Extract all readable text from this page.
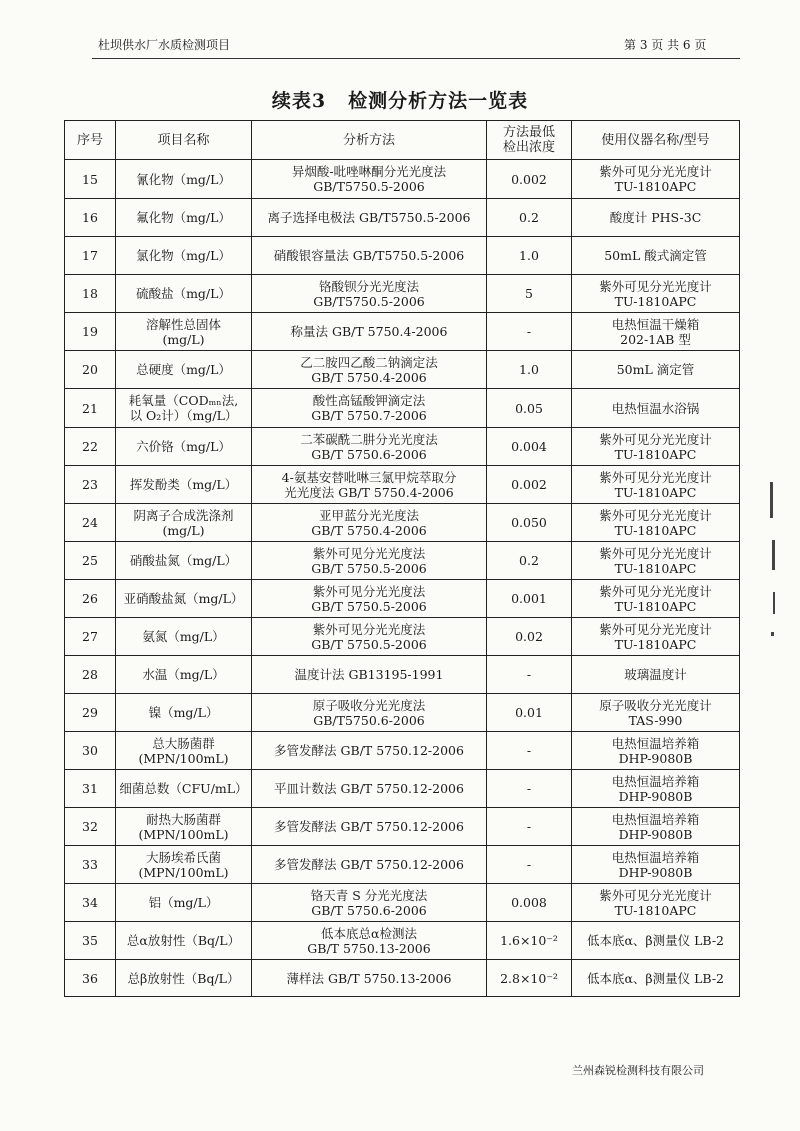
杜坝供水厂水质检测项目	第 3 页 共 6 页
续表3 检测分析方法一览表
序号	项目名称	分析方法	方法最低
检出浓度	使用仪器名称/型号
15	氰化物（mg/L）	异烟酸-吡唑啉酮分光光度法
GB/T5750.5-2006	0.002	紫外可见分光光度计
TU-1810APC

16	氟化物（mg/L）	离子选择电极法 GB/T5750.5-2006	0.2	酸度计 PHS-3C

17	氯化物（mg/L）	硝酸银容量法 GB/T5750.5-2006	1.0	50mL 酸式滴定管

18	硫酸盐（mg/L）	铬酸钡分光光度法
GB/T5750.5-2006	5	紫外可见分光光度计
TU-1810APC

19	溶解性总固体
(mg/L)	称量法 GB/T 5750.4-2006	-	电热恒温干燥箱
202-1AB 型

20	总硬度（mg/L）	乙二胺四乙酸二钠滴定法
GB/T 5750.4-2006	1.0	50mL 滴定管

21	耗氧量（CODₘₙ法,
以 O₂计）（mg/L）	酸性高锰酸钾滴定法
GB/T 5750.7-2006	0.05	电热恒温水浴锅

22	六价铬（mg/L）	二苯碳酰二肼分光光度法
GB/T 5750.6-2006	0.004	紫外可见分光光度计
TU-1810APC

23	挥发酚类（mg/L）	4-氨基安替吡啉三氯甲烷萃取分
光光度法 GB/T 5750.4-2006	0.002	紫外可见分光光度计
TU-1810APC

24	阴离子合成洗涤剂
(mg/L)	亚甲蓝分光光度法
GB/T 5750.4-2006	0.050	紫外可见分光光度计
TU-1810APC

25	硝酸盐氮（mg/L）	紫外可见分光光度法
GB/T 5750.5-2006	0.2	紫外可见分光光度计
TU-1810APC

26	亚硝酸盐氮（mg/L）	紫外可见分光光度法
GB/T 5750.5-2006	0.001	紫外可见分光光度计
TU-1810APC

27	氨氮（mg/L）	紫外可见分光光度法
GB/T 5750.5-2006	0.02	紫外可见分光光度计
TU-1810APC

28	水温（mg/L）	温度计法 GB13195-1991	-	玻璃温度计

29	镍（mg/L）	原子吸收分光光度法
GB/T5750.6-2006	0.01	原子吸收分光光度计
TAS-990

30	总大肠菌群
(MPN/100mL)	多管发酵法 GB/T 5750.12-2006	-	电热恒温培养箱
DHP-9080B

31	细菌总数（CFU/mL）	平皿计数法 GB/T 5750.12-2006	-	电热恒温培养箱
DHP-9080B

32	耐热大肠菌群
(MPN/100mL)	多管发酵法 GB/T 5750.12-2006	-	电热恒温培养箱
DHP-9080B

33	大肠埃希氏菌
(MPN/100mL)	多管发酵法 GB/T 5750.12-2006	-	电热恒温培养箱
DHP-9080B

34	铝（mg/L）	铬天青 S 分光光度法
GB/T 5750.6-2006	0.008	紫外可见分光光度计
TU-1810APC

35	总α放射性（Bq/L）	低本底总α检测法
GB/T 5750.13-2006	1.6×10⁻²	低本底α、β测量仪 LB-2

36	总β放射性（Bq/L）	薄样法 GB/T 5750.13-2006	2.8×10⁻²	低本底α、β测量仪 LB-2
兰州森锐检测科技有限公司
